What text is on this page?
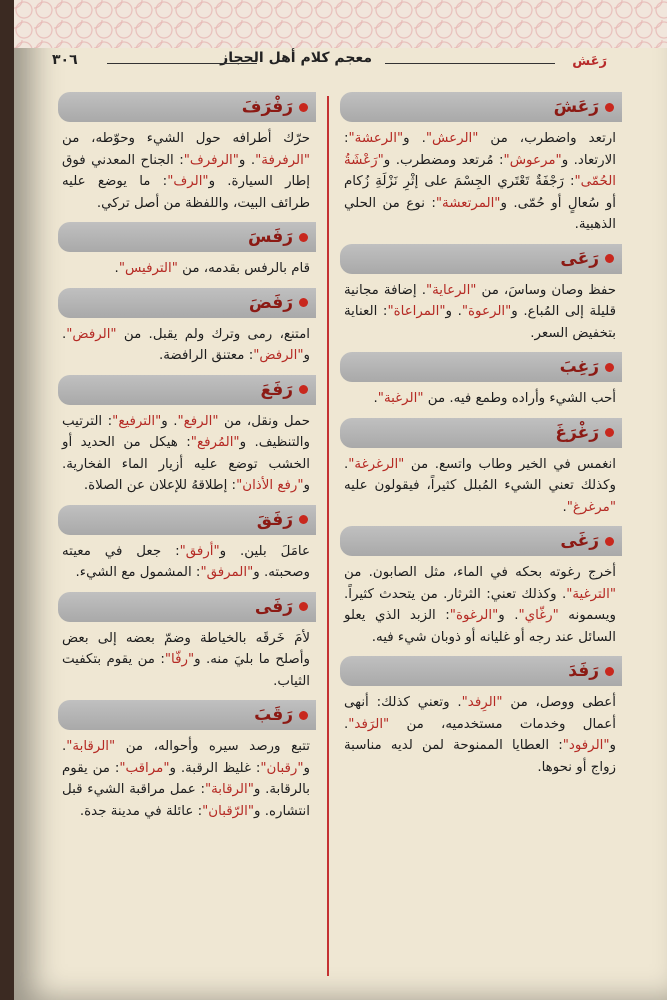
رَعَش
معجم كلام أهل الحجاز
٣٠٦
رَعَشَ
ارتعد واضطرب، من "الرعش". و"الرعشة": الارتعاد. و"مرعوش": مُرتعد ومضطرب. و"رَعْشَةُ الحُمّى": رَجْفَةٌ تَعْتَري الجِسْمَ على إثْرِ نَزْلَةِ زُكام أو سُعالٍ أو حُمّى. و"المرتعشة": نوع من الحلي الذهبية.
رَعَى
حفظ وصان وساسَ، من "الرعاية". إضافة مجانية قليلة إلى المُباع. و"الرعوة". و"المراعاة": العناية بتخفيض السعر.
رَغِبَ
أحب الشيء وأراده وطمع فيه. من "الرغبة".
رَغْرَغَ
انغمس في الخير وطاب واتسع. من "الرغرغة". وكذلك تعني الشيء المُبلل كثيراً، فيقولون عليه "مرغرغ".
رَغَى
أخرج رغوته بحكه في الماء، مثل الصابون. من "الترغية". وكذلك تعني: الثرثار. من يتحدث كثيراً. ويسمونه "رغّاي". و"الرغوة": الزبد الذي يعلو السائل عند رجه أو غليانه أو ذوبان شيء فيه.
رَفَدَ
أعطى ووصل، من "الرِفد". وتعني كذلك: أنهى أعمال وخدمات مستخدميه، من "الرَفد". و"الرفود": العطايا الممنوحة لمن لديه مناسبة زواج أو نحوها.
رَفْرَفَ
حرّك أطرافه حول الشيء وحوّطه، من "الرفرفة". و"الرفرف": الجناح المعدني فوق إطار السيارة. و"الرف": ما يوضع عليه طرائف البيت، واللفظة من أصل تركي.
رَفَسَ
قام بالرفس بقدمه، من "الترفيس".
رَفَضَ
امتنع، رمى وترك ولم يقبل. من "الرفض". و"الرفض": معتنق الرافضة.
رَفَعَ
حمل ونقل، من "الرفع". و"الترفيع": الترتيب والتنظيف. و"المُرفع": هيكل من الحديد أو الخشب توضع عليه أزيار الماء الفخارية. و"رفع الأذان": إطلاقهُ للإعلان عن الصلاة.
رَفَقَ
عامَلَ بلين. و"أرفق": جعل في معيته وصحبته. و"المرفق": المشمول مع الشيء.
رَفَى
لأمَ خَرقَه بالخياطة وضمّ بعضه إلى بعض وأصلح ما بليَ منه. و"رفّا": من يقوم بتكفيت الثياب.
رَقَبَ
تتبع ورصد سيره وأحواله، من "الرقابة". و"رقبان": غليظ الرقبة. و"مراقب": من يقوم بالرقابة. و"الرقابة": عمل مراقبة الشيء قبل انتشاره. و"الرّقبان": عائلة في مدينة جدة.
